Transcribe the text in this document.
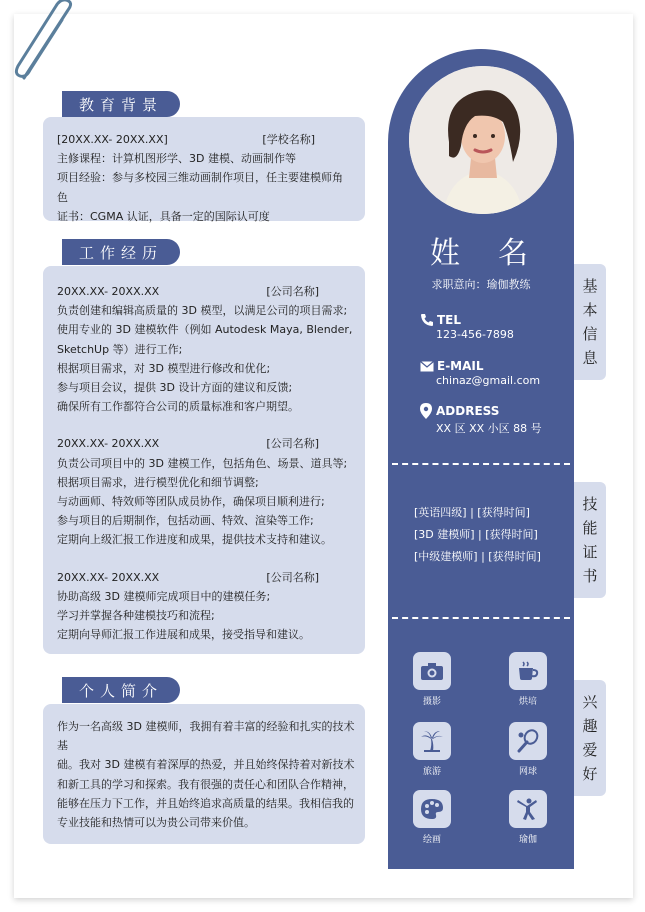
教育背景
[20XX.XX- 20XX.XX]	[学校名称]
主修课程：计算机图形学、3D 建模、动画制作等
项目经验：参与多校园三维动画制作项目，任主要建模师角色
证书：CGMA 认证，具备一定的国际认可度
工作经历
20XX.XX- 20XX.XX	[公司名称]
负责创建和编辑高质量的 3D 模型，以满足公司的项目需求;
使用专业的 3D 建模软件（例如 Autodesk Maya, Blender,
SketchUp 等）进行工作;
根据项目需求，对 3D 模型进行修改和优化;
参与项目会议，提供 3D 设计方面的建议和反馈;
确保所有工作都符合公司的质量标准和客户期望。
20XX.XX- 20XX.XX	[公司名称]
负责公司项目中的 3D 建模工作，包括角色、场景、道具等;
根据项目需求，进行模型优化和细节调整;
与动画师、特效师等团队成员协作，确保项目顺利进行;
参与项目的后期制作，包括动画、特效、渲染等工作;
定期向上级汇报工作进度和成果，提供技术支持和建议。
20XX.XX- 20XX.XX	[公司名称]
协助高级 3D 建模师完成项目中的建模任务;
学习并掌握各种建模技巧和流程;
定期向导师汇报工作进展和成果，接受指导和建议。
个人简介
作为一名高级 3D 建模师，我拥有着丰富的经验和扎实的技术基
础。我对 3D 建模有着深厚的热爱，并且始终保持着对新技术
和新工具的学习和探索。我有很强的责任心和团队合作精神，
能够在压力下工作，并且始终追求高质量的结果。我相信我的
专业技能和热情可以为贵公司带来价值。
姓　名
求职意向：瑜伽教练
TEL
123-456-7898
E-MAIL
chinaz@gmail.com
ADDRESS
XX 区 XX 小区 88 号
[英语四级] | [获得时间]
[3D 建模师] | [获得时间]
[中级建模师] | [获得时间]
摄影	烘培
旅游	网球
绘画	瑜伽
基
本
信
息
技
能
证
书
兴
趣
爱
好
